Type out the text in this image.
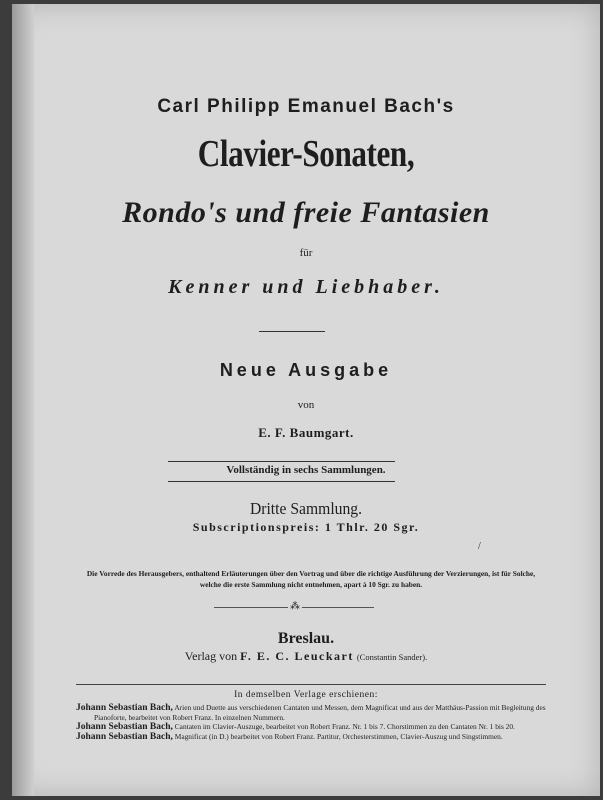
Carl Philipp Emanuel Bach's
Clavier-Sonaten,
Rondo's und freie Fantasien
für
Kenner und Liebhaber.
Neue Ausgabe
von
E. F. Baumgart.
Vollständig in sechs Sammlungen.
Dritte Sammlung.
Subscriptionspreis: 1 Thlr. 20 Sgr.
/
Die Vorrede des Herausgebers, enthaltend Erläuterungen über den Vortrag und über die richtige Ausführung der Verzierungen, ist für Solche, welche die erste Sammlung nicht entnehmen, apart à 10 Sgr. zu haben.
⁂
Breslau.
Verlag von F. E. C. Leuckart (Constantin Sander).
In demselben Verlage erschienen:
Johann Sebastian Bach, Arien und Duette aus verschiedenen Cantaten und Messen, dem Magnificat und aus der Matthäus-Passion mit Begleitung des Pianoforte, bearbeitet von Robert Franz. In einzelnen Nummern.
Johann Sebastian Bach, Cantaten im Clavier-Auszuge, bearbeitet von Robert Franz. Nr. 1 bis 7. Chorstimmen zu den Cantaten Nr. 1 bis 20.
Johann Sebastian Bach, Magnificat (in D.) bearbeitet von Robert Franz. Partitur, Orchesterstimmen, Clavier-Auszug und Singstimmen.
